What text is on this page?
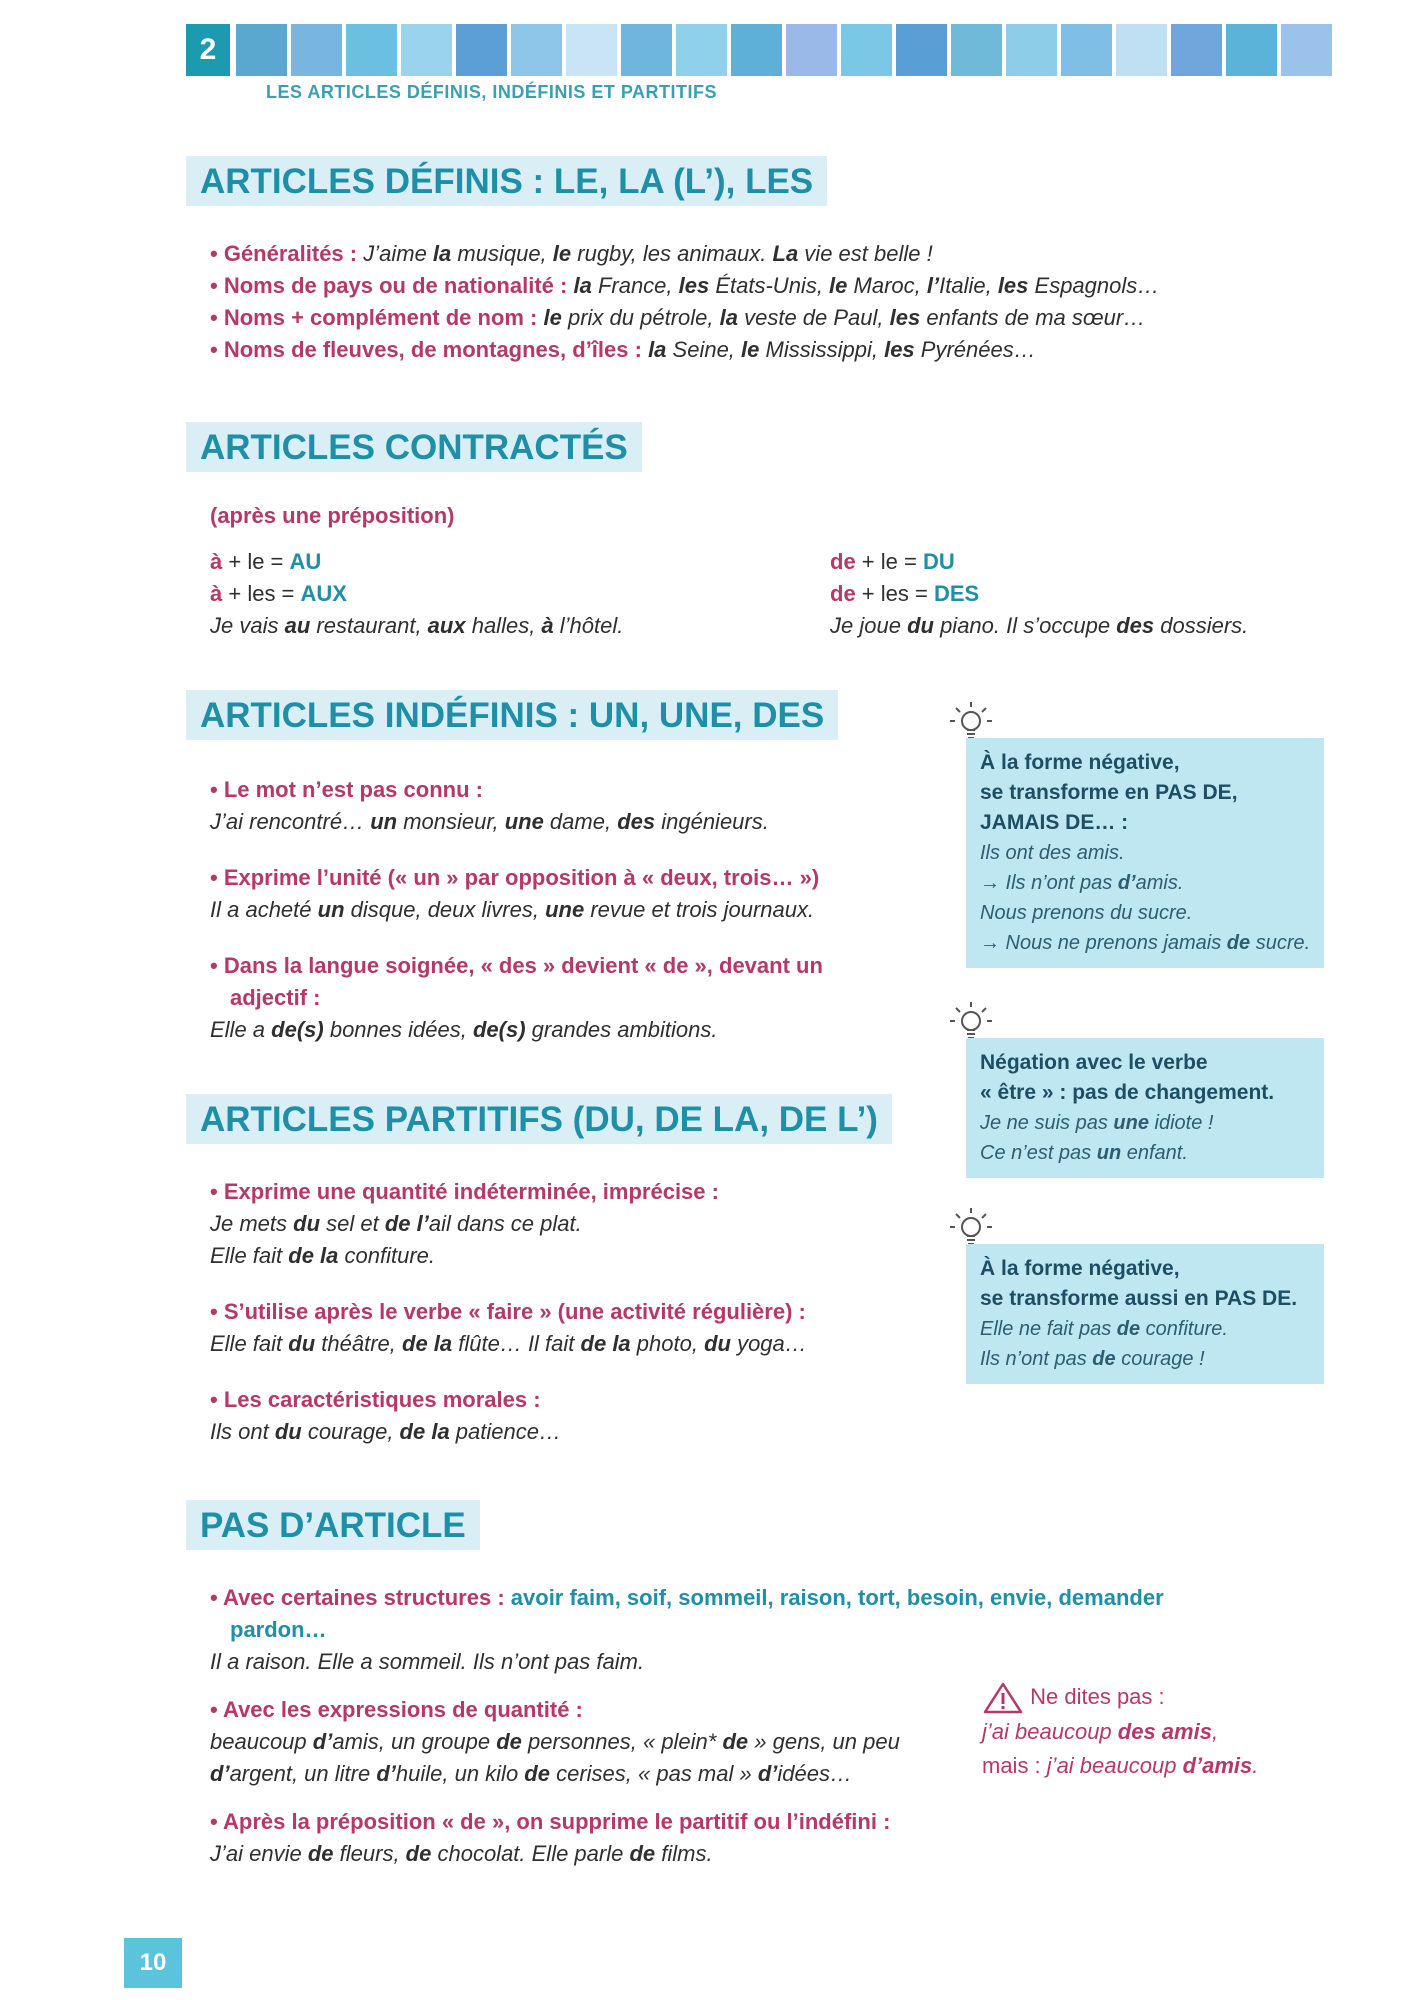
2
LES ARTICLES DÉFINIS, INDÉFINIS ET PARTITIFS
ARTICLES DÉFINIS : LE, LA (L’), LES
• Généralités : J’aime la musique, le rugby, les animaux. La vie est belle !
• Noms de pays ou de nationalité : la France, les États-Unis, le Maroc, l’Italie, les Espagnols…
• Noms + complément de nom : le prix du pétrole, la veste de Paul, les enfants de ma sœur…
• Noms de fleuves, de montagnes, d’îles : la Seine, le Mississippi, les Pyrénées…
ARTICLES CONTRACTÉS
(après une préposition)
à + le = AU
à + les = AUX
Je vais au restaurant, aux halles, à l’hôtel.
de + le = DU
de + les = DES
Je joue du piano. Il s’occupe des dossiers.
ARTICLES INDÉFINIS : UN, UNE, DES
• Le mot n’est pas connu :
J’ai rencontré… un monsieur, une dame, des ingénieurs.
• Exprime l’unité (« un » par opposition à « deux, trois… »)
Il a acheté un disque, deux livres, une revue et trois journaux.
• Dans la langue soignée, « des » devient « de », devant un
adjectif :
Elle a de(s) bonnes idées, de(s) grandes ambitions.
ARTICLES PARTITIFS (DU, DE LA, DE L’)
• Exprime une quantité indéterminée, imprécise :
Je mets du sel et de l’ail dans ce plat.
Elle fait de la confiture.
• S’utilise après le verbe « faire » (une activité régulière) :
Elle fait du théâtre, de la flûte… Il fait de la photo, du yoga…
• Les caractéristiques morales :
Ils ont du courage, de la patience…
À la forme négative,
se transforme en PAS DE,
JAMAIS DE… :
Ils ont des amis.
→ Ils n’ont pas d’amis.
Nous prenons du sucre.
→ Nous ne prenons jamais de sucre.
Négation avec le verbe
« être » : pas de changement.
Je ne suis pas une idiote !
Ce n’est pas un enfant.
À la forme négative,
se transforme aussi en PAS DE.
Elle ne fait pas de confiture.
Ils n’ont pas de courage !
PAS D’ARTICLE
• Avec certaines structures : avoir faim, soif, sommeil, raison, tort, besoin, envie, demander
pardon…
Il a raison. Elle a sommeil. Ils n’ont pas faim.
• Avec les expressions de quantité :
beaucoup d’amis, un groupe de personnes, « plein* de » gens, un peu
d’argent, un litre d’huile, un kilo de cerises, « pas mal » d’idées…
• Après la préposition « de », on supprime le partitif ou l’indéfini :
J’ai envie de fleurs, de chocolat. Elle parle de films.
Ne dites pas :
j’ai beaucoup des amis,
mais : j’ai beaucoup d’amis.
10
